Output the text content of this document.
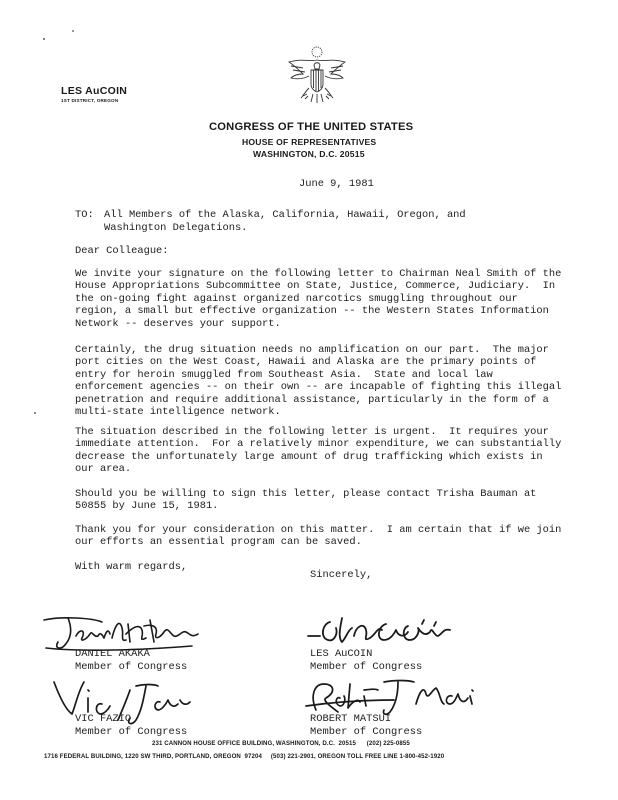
LES AuCOIN
1ST DISTRICT, OREGON
CONGRESS OF THE UNITED STATES
HOUSE OF REPRESENTATIVES
WASHINGTON, D.C. 20515
June 9, 1981
TO: All Members of the Alaska, California, Hawaii, Oregon, and
Washington Delegations.
Dear Colleague:
We invite your signature on the following letter to Chairman Neal Smith of the
House Appropriations Subcommittee on State, Justice, Commerce, Judiciary.  In
the on-going fight against organized narcotics smuggling throughout our
region, a small but effective organization -- the Western States Information
Network -- deserves your support.
Certainly, the drug situation needs no amplification on our part.  The major
port cities on the West Coast, Hawaii and Alaska are the primary points of
entry for heroin smuggled from Southeast Asia.  State and local law
enforcement agencies -- on their own -- are incapable of fighting this illegal
penetration and require additional assistance, particularly in the form of a
multi-state intelligence network.
The situation described in the following letter is urgent.  It requires your
immediate attention.  For a relatively minor expenditure, we can substantially
decrease the unfortunately large amount of drug trafficking which exists in
our area.
Should you be willing to sign this letter, please contact Trisha Bauman at
50855 by June 15, 1981.
Thank you for your consideration on this matter.  I am certain that if we join
our efforts an essential program can be saved.
With warm regards,
Sincerely,
DANIEL AKAKA
Member of Congress
LES AuCOIN
Member of Congress
VIC FAZIO
Member of Congress
ROBERT MATSUI
Member of Congress
231 CANNON HOUSE OFFICE BUILDING, WASHINGTON, D.C.  20515      (202) 225-0855
1716 FEDERAL BUILDING, 1220 SW THIRD, PORTLAND, OREGON  97204     (503) 221-2901, OREGON TOLL FREE LINE 1-800-452-1920
